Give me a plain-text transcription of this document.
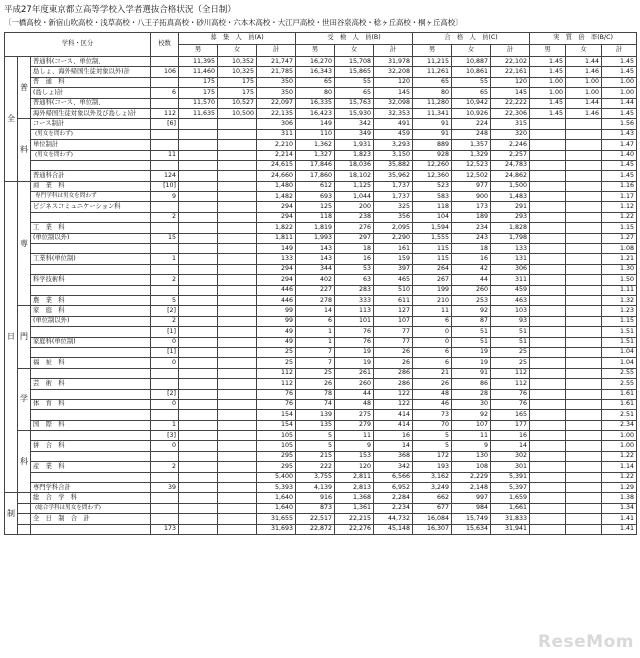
平成27年度東京都立高等学校入学者選抜合格状況（全日制）
〔一橋高校・新宿山吹高校・浅草高校・八王子拓真高校・砂川高校・六本木高校・大江戸高校・世田谷泉高校・稔ヶ丘高校・桐ヶ丘高校〕
学科・区分			校数	募　集　人　員(A)			受　検　人　員(B)			合　格　人　員(C)			実　質　倍　率(B/C)		
				男	女	計	男	女	計	男	女	計	男	女	計
全	普	普通科(コース、単位制、		11,395	10,352	21,747	16,270	15,708	31,978	11,215	10,887	22,102	1.45	1.44	1.45
		島しょ、海外帰国生徒対象以外)計	106	11,460	10,325	21,785	16,343	15,865	32,208	11,261	10,861	22,161	1.45	1.46	1.45
		普　通　科		175	175	350	65	55	120	65	55	120	1.00	1.00	1.00
		(島しょ)計	6	175	175	350	80	65	145	80	65	145	1.00	1.00	1.00
		普通科(コース、単位制、		11,570	10,527	22,097	16,335	15,763	32,098	11,280	10,942	22,222	1.45	1.44	1.44
		海外帰国生徒対象以外及び島しょ)計	112	11,635	10,500	22,135	16,423	15,930	32,353	11,341	10,926	22,306	1.45	1.46	1.45
	料	コース制計	[6]			306	149	342	491	91	224	315			1.56
		(男女を問わず)				311	110	349	459	91	248	320			1.43
		単位制計				2,210	1,362	1,931	3,293	889	1,357	2,246			1.47
		(男女を問わず)	11			2,214	1,327	1,823	3,150	928	1,329	2,257			1.40
						24,615	17,846	18,036	35,882	12,260	12,523	24,783			1.45
		普通科合計	124			24,660	17,860	18,102	35,962	12,360	12,502	24,862			1.45
日	専	商　業　科	[10]			1,480	612	1,125	1,737	523	977	1,500			1.16
		専門学科は男女を問わず	9			1,482	693	1,044	1,737	583	900	1,483			1.17
		ビジネスコミュニケーション科				294	125	200	325	118	173	291			1.12
			2			294	118	238	356	104	189	293			1.22
		工　業　科				1,822	1,819	276	2,095	1,594	234	1,828			1.15
		(単位制以外)	15			1,811	1,993	297	2,290	1,555	243	1,798			1.27
						149	143	18	161	115	18	133			1.08
		工業科(単位制)	1			133	143	16	159	115	16	131			1.21
						294	344	53	397	264	42	306			1.30
		科学技術科	2			294	402	63	465	267	44	311			1.50
						446	227	283	510	199	260	459			1.11
		農　業　科	5			446	278	333	611	210	253	463			1.32
	門	家　庭　科	[2]			99	14	113	127	11	92	103			1.23
		(単位制以外)	2			99	6	101	107	6	87	93			1.15
			[1]			49	1	76	77	0	51	51			1.51
		家庭科(単位制)	0			49	1	76	77	0	51	51			1.51
			[1]			25	7	19	26	6	19	25			1.04
		福　祉　科	0			25	7	19	26	6	19	25			1.04
	学					112	25	261	286	21	91	112			2.55
		芸　術　科				112	26	260	286	26	86	112			2.55
			[2]			76	78	44	122	48	28	76			1.61
		体　育　科	0			76	74	48	122	46	30	76			1.61
						154	139	275	414	73	92	165			2.51
		国　際　科	1			154	135	279	414	70	107	177			2.34
	科		[3]			105	5	11	16	5	11	16			1.00
		併　合　科	0			105	5	9	14	5	9	14			1.00
						295	215	153	368	172	130	302			1.22
		産　業　科	2			295	222	120	342	193	108	301			1.14
						5,400	3,755	2,811	6,566	3,162	2,229	5,391			1.22
		専門学科合計	39			5,393	4,139	2,813	6,952	3,249	2,148	5,397			1.29
制		総　合　学　科				1,640	916	1,368	2,284	662	997	1,659			1.38
		(総合学科は男女を問わず)				1,640	873	1,361	2,234	677	984	1,661			1.34
		全　日　制　合　計				31,655	22,517	22,215	44,732	16,084	15,749	31,833			1.41
			173			31,693	22,872	22,276	45,148	16,307	15,634	31,941			1.41
ReseMom
